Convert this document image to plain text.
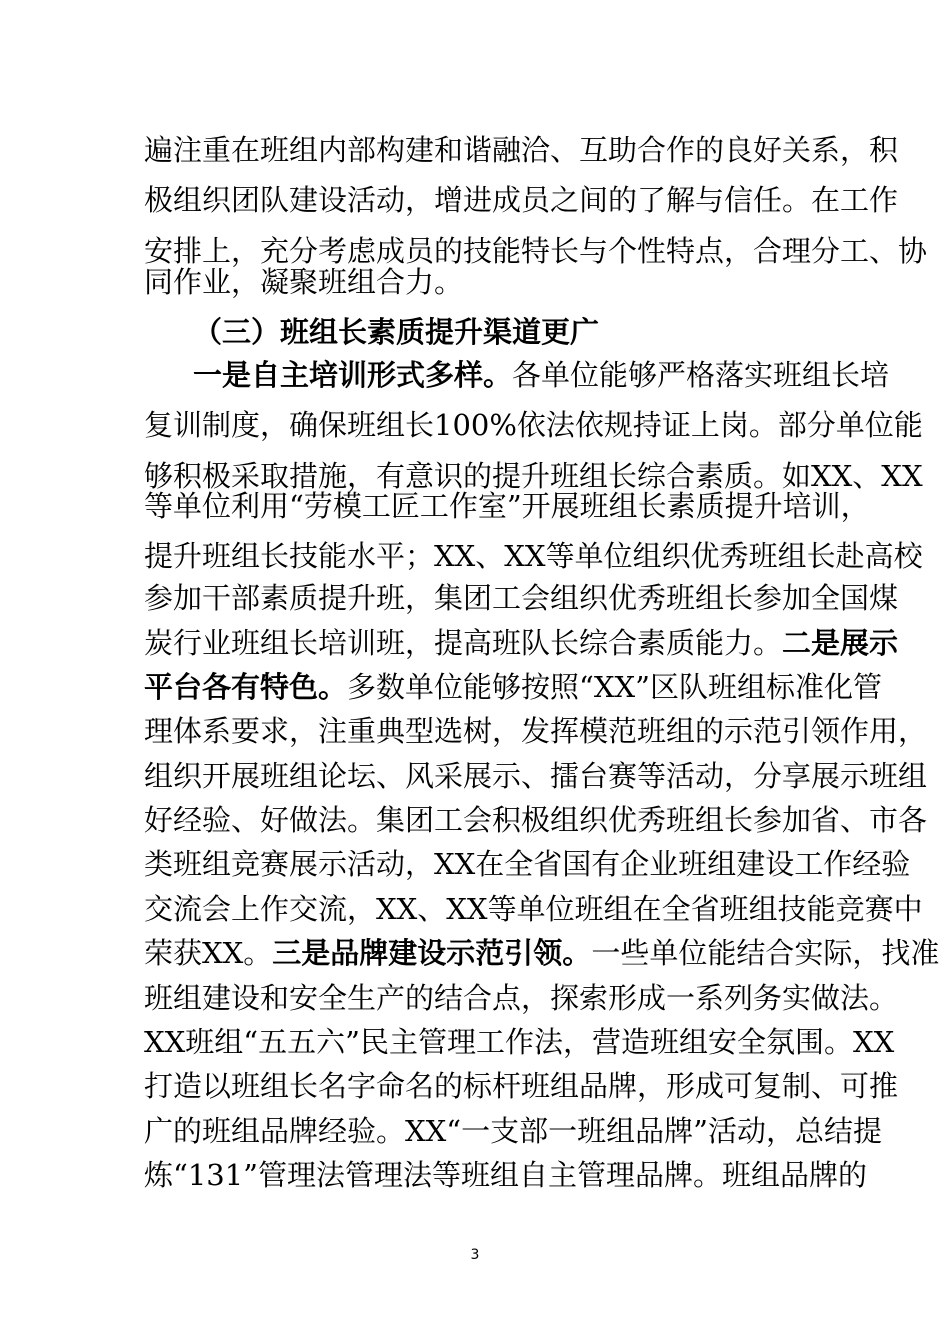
遍注重在班组内部构建和谐融洽、互助合作的良好关系，积
极组织团队建设活动，增进成员之间的了解与信任。在工作
安排上，充分考虑成员的技能特长与个性特点，合理分工、协
同作业，凝聚班组合力。
（三）班组长素质提升渠道更广
一是自主培训形式多样。各单位能够严格落实班组长培
复训制度，确保班组长100%依法依规持证上岗。部分单位能
够积极采取措施，有意识的提升班组长综合素质。如XX、XX
等单位利用“劳模工匠工作室”开展班组长素质提升培训，
提升班组长技能水平；XX、XX等单位组织优秀班组长赴高校
参加干部素质提升班，集团工会组织优秀班组长参加全国煤
炭行业班组长培训班，提高班队长综合素质能力。二是展示
平台各有特色。多数单位能够按照“XX”区队班组标准化管
理体系要求，注重典型选树，发挥模范班组的示范引领作用，
组织开展班组论坛、风采展示、擂台赛等活动，分享展示班组
好经验、好做法。集团工会积极组织优秀班组长参加省、市各
类班组竞赛展示活动，XX在全省国有企业班组建设工作经验
交流会上作交流，XX、XX等单位班组在全省班组技能竞赛中
荣获XX。三是品牌建设示范引领。一些单位能结合实际，找准
班组建设和安全生产的结合点，探索形成一系列务实做法。
XX班组“五五六”民主管理工作法，营造班组安全氛围。XX
打造以班组长名字命名的标杆班组品牌，形成可复制、可推
广的班组品牌经验。XX“一支部一班组品牌”活动，总结提
炼“131”管理法管理法等班组自主管理品牌。班组品牌的
3
